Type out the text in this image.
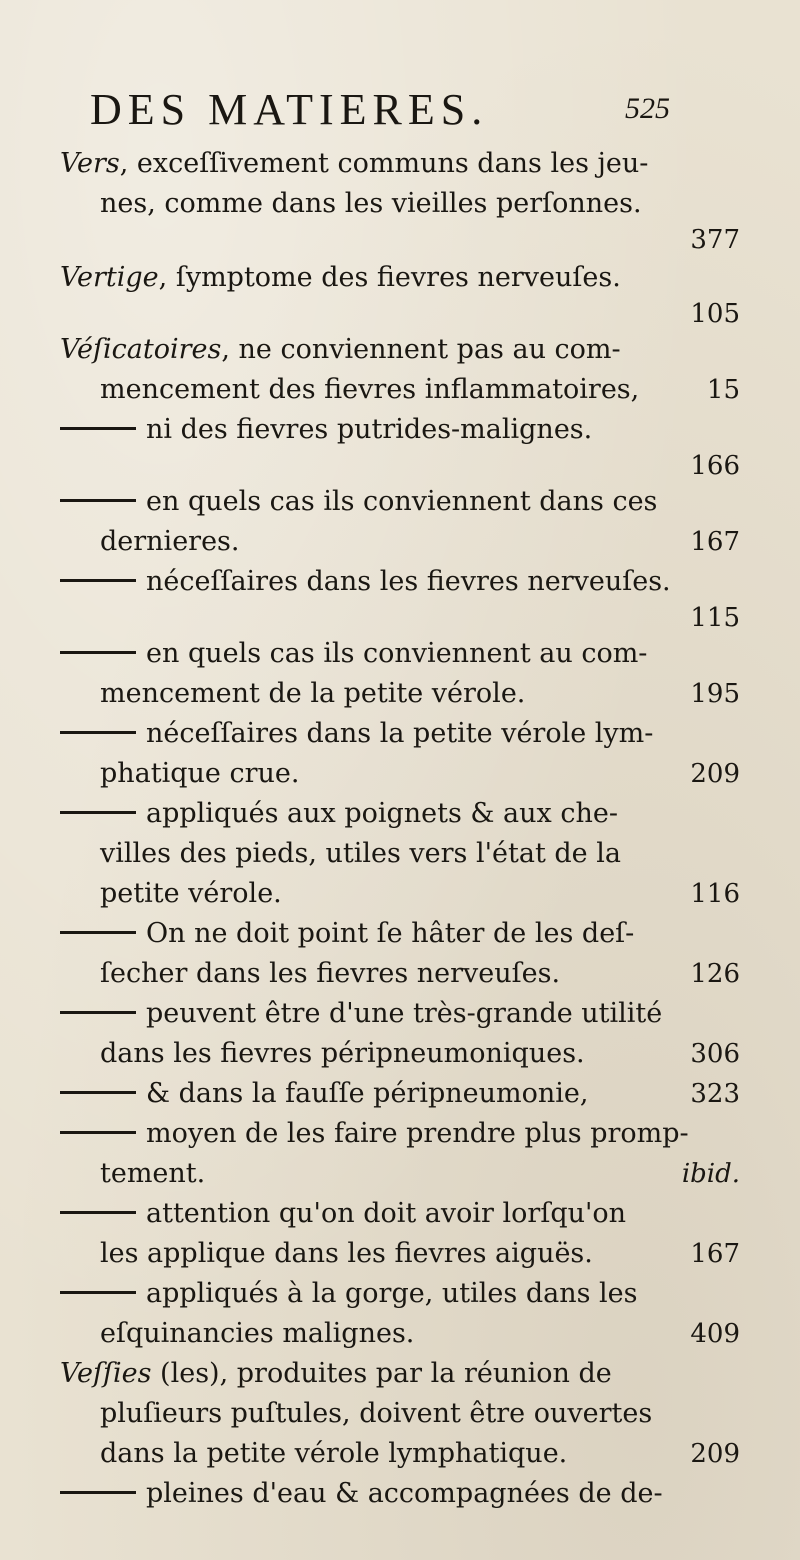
DES MATIERES.	525
Vers, exceſſivement communs dans les jeu-
nes, comme dans les vieilles perſonnes.
377
Vertige, ſymptome des fievres nerveuſes.
105
Véſicatoires, ne conviennent pas au com-
mencement des fievres inflammatoires,	15
ni des fievres putrides-malignes.
166
en quels cas ils conviennent dans ces
dernieres.	167
néceſſaires dans les fievres nerveuſes.
115
en quels cas ils conviennent au com-
mencement de la petite vérole.	195
néceſſaires dans la petite vérole lym-
phatique crue.	209
appliqués aux poignets & aux che-
villes des pieds, utiles vers l'état de la
petite vérole.	116
On ne doit point ſe hâter de les deſ-
ſecher dans les fievres nerveuſes.	126
peuvent être d'une très-grande utilité
dans les fievres péripneumoniques.	306
& dans la fauſſe péripneumonie,	323
moyen de les faire prendre plus promp-
tement.	ibid.
attention qu'on doit avoir lorſqu'on
les applique dans les fievres aiguës.	167
appliqués à la gorge, utiles dans les
eſquinancies malignes.	409
Veſſies (les), produites par la réunion de
pluſieurs puſtules, doivent être ouvertes
dans la petite vérole lymphatique.	209
pleines d'eau & accompagnées de de-
